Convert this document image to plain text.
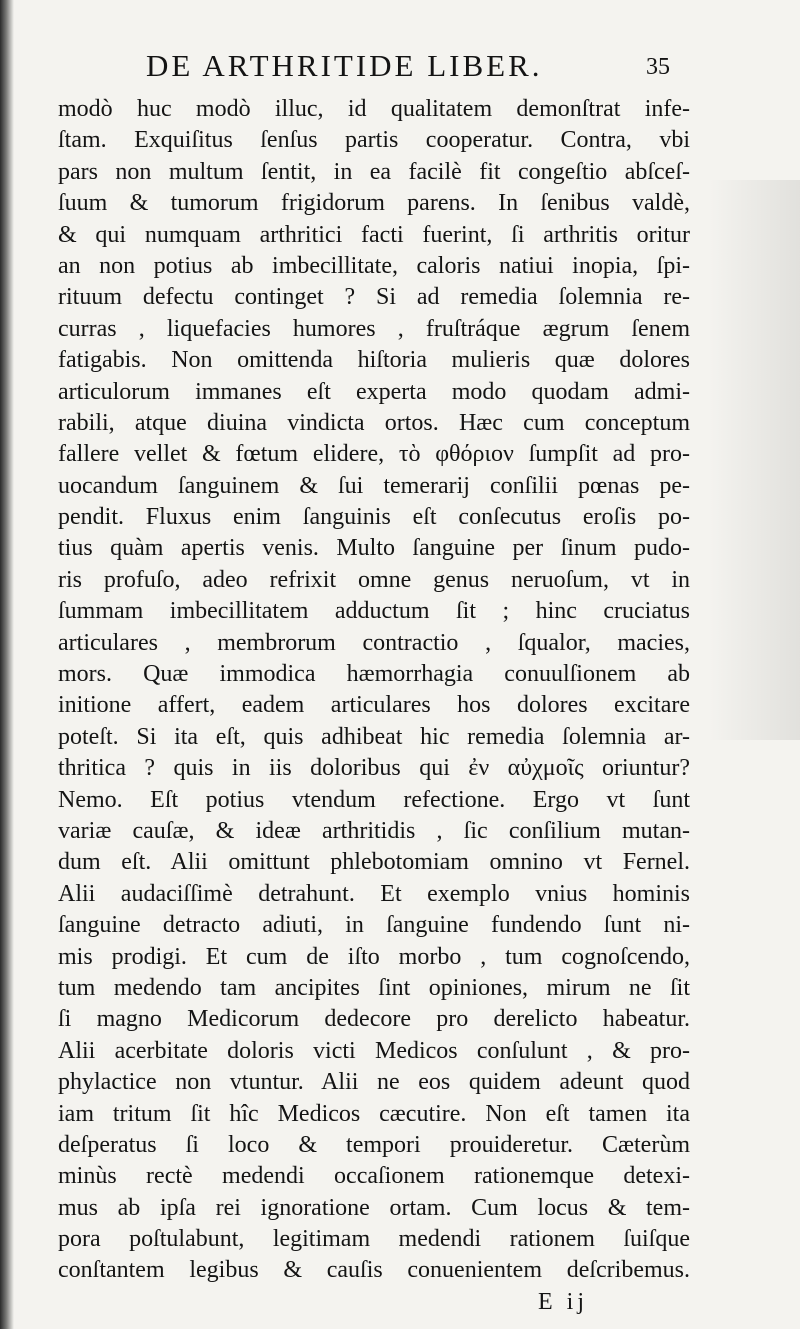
DE ARTHRITIDE LIBER.	35
modò huc modò illuc, id qualitatem demonſtrat infe-
ſtam. Exquiſitus ſenſus partis cooperatur. Contra, vbi
pars non multum ſentit, in ea facilè fit congeſtio abſceſ-
ſuum & tumorum frigidorum parens. In ſenibus valdè,
& qui numquam arthritici facti fuerint, ſi arthritis oritur
an non potius ab imbecillitate, caloris natiui inopia, ſpi-
rituum defectu continget ? Si ad remedia ſolemnia re-
curras , liquefacies humores , fruſtráque ægrum ſenem
fatigabis. Non omittenda hiſtoria mulieris quæ dolores
articulorum immanes eſt experta modo quodam admi-
rabili, atque diuina vindicta ortos. Hæc cum conceptum
fallere vellet & fœtum elidere, τὸ φθόριον ſumpſit ad pro-
uocandum ſanguinem & ſui temerarij conſilii pœnas pe-
pendit. Fluxus enim ſanguinis eſt conſecutus eroſis po-
tius quàm apertis venis. Multo ſanguine per ſinum pudo-
ris profuſo, adeo refrixit omne genus neruoſum, vt in
ſummam imbecillitatem adductum ſit ; hinc cruciatus
articulares , membrorum contractio , ſqualor, macies,
mors. Quæ immodica hæmorrhagia conuulſionem ab
initione affert, eadem articulares hos dolores excitare
poteſt. Si ita eſt, quis adhibeat hic remedia ſolemnia ar-
thritica ? quis in iis doloribus qui ἐν αὐχμοῖς oriuntur?
Nemo. Eſt potius vtendum refectione. Ergo vt ſunt
variæ cauſæ, & ideæ arthritidis , ſic conſilium mutan-
dum eſt. Alii omittunt phlebotomiam omnino vt Fernel.
Alii audaciſſimè detrahunt. Et exemplo vnius hominis
ſanguine detracto adiuti, in ſanguine fundendo ſunt ni-
mis prodigi. Et cum de iſto morbo , tum cognoſcendo,
tum medendo tam ancipites ſint opiniones, mirum ne ſit
ſi magno Medicorum dedecore pro derelicto habeatur.
Alii acerbitate doloris victi Medicos conſulunt , & pro-
phylactice non vtuntur. Alii ne eos quidem adeunt quod
iam tritum ſit hîc Medicos cæcutire. Non eſt tamen ita
deſperatus ſi loco & tempori prouideretur. Cæterùm
minùs rectè medendi occaſionem rationemque detexi-
mus ab ipſa rei ignoratione ortam. Cum locus & tem-
pora poſtulabunt, legitimam medendi rationem ſuiſque
conſtantem legibus & cauſis conuenientem deſcribemus.
E ij
